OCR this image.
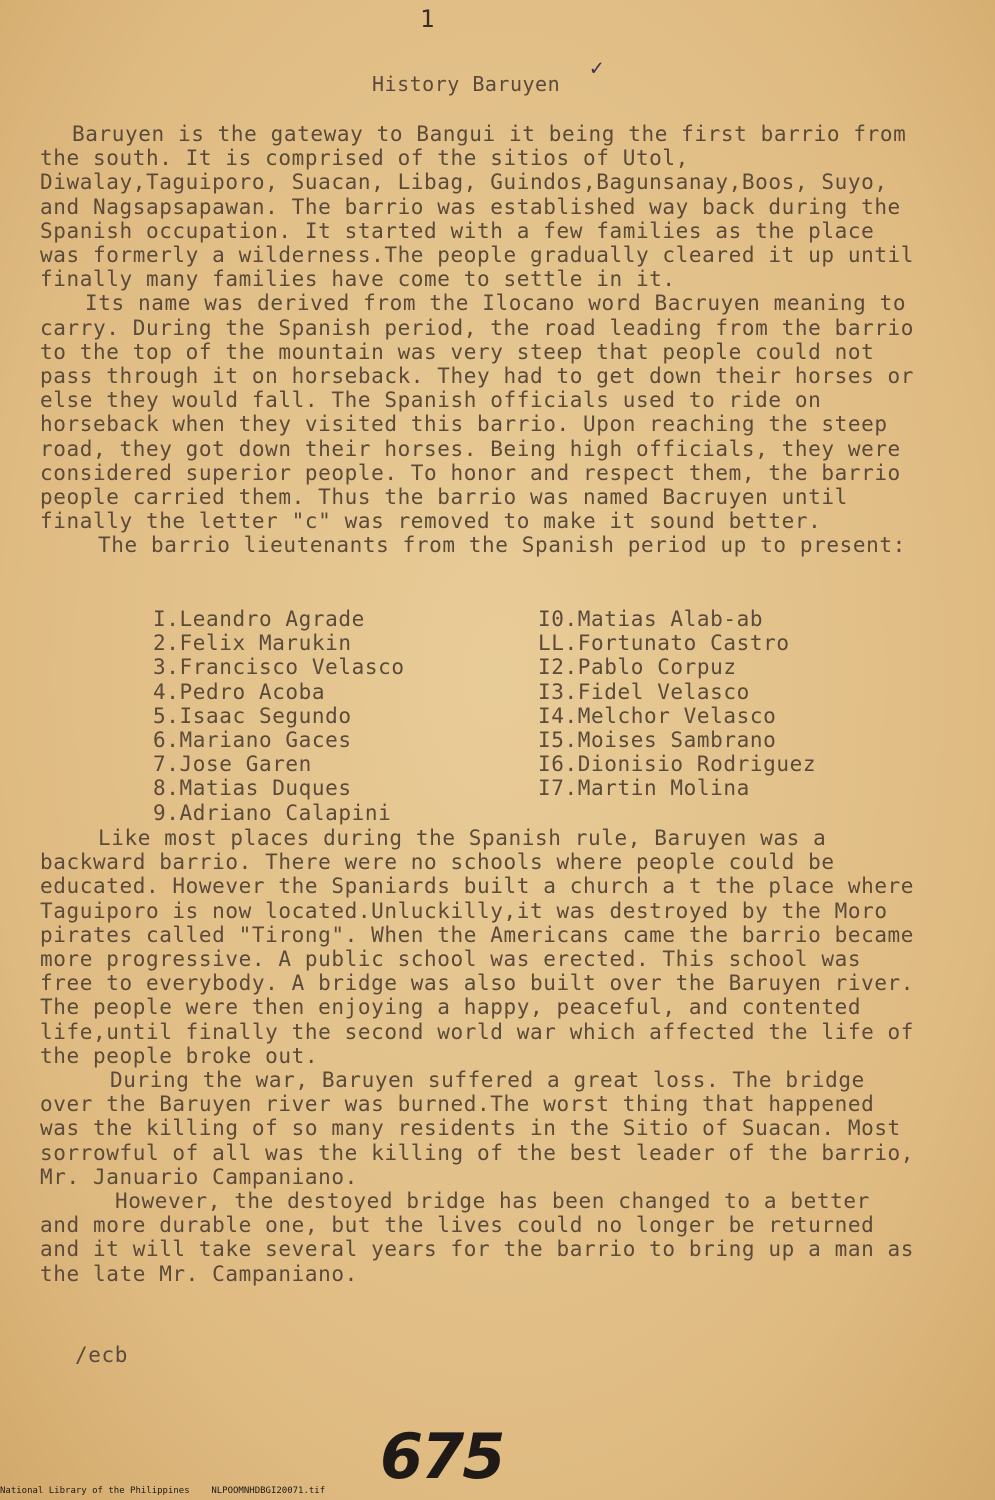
1
History Baruyen
✓

Baruyen is the gateway to Bangui it being the first barrio from the south. It is comprised of the sitios of Utol, Diwalay,Taguiporo, Suacan, Libag, Guindos,Bagunsanay,Boos, Suyo, and Nagsapsapawan. The barrio was established way back during the Spanish occupation. It started with a few families as the place was formerly a wilderness.The people gradually cleared it up until finally many families have come to settle in it.

Its name was derived from the Ilocano word Bacruyen meaning to carry. During the Spanish period, the road leading from the barrio to the top of the mountain was very steep that people could not pass through it on horseback. They had to get down their horses or else they would fall. The Spanish officials used to ride on horseback when they visited this barrio. Upon reaching the steep road, they got down their horses. Being high officials, they were considered superior people. To honor and respect them, the barrio people carried them. Thus the barrio was named Bacruyen until finally the letter "c" was removed to make it sound better.

The barrio lieutenants from the Spanish period up to present:

I.Leandro Agrade
2.Felix Marukin
3.Francisco Velasco
4.Pedro Acoba
5.Isaac Segundo
6.Mariano Gaces
7.Jose Garen
8.Matias Duques
9.Adriano Calapini
I0.Matias Alab-ab
LL.Fortunato Castro
I2.Pablo Corpuz
I3.Fidel Velasco
I4.Melchor Velasco
I5.Moises Sambrano
I6.Dionisio Rodriguez
I7.Martin Molina

Like most places during the Spanish rule, Baruyen was a backward barrio. There were no schools where people could be educated. However the Spaniards built a church a t the place where Taguiporo is now located.Unluckilly,it was destroyed by the Moro pirates called "Tirong". When the Americans came the barrio became more progressive. A public school was erected. This school was free to everybody. A bridge was also built over the Baruyen river. The people were then enjoying a happy, peaceful, and contented life,until finally the second world war which affected the life of the people broke out.

During the war, Baruyen suffered a great loss. The bridge over the Baruyen river was burned.The worst thing that happened was the killing of so many residents in the Sitio of Suacan. Most sorrowful of all was the killing of the best leader of the barrio, Mr. Januario Campaniano.

However, the destoyed bridge has been changed to a better and more durable one, but the lives could no longer be returned and it will take several years for the barrio to bring up a man as the late Mr. Campaniano.

/ecb
675
National Library of the Philippines NLPOOMNHDBGI20071.tif
